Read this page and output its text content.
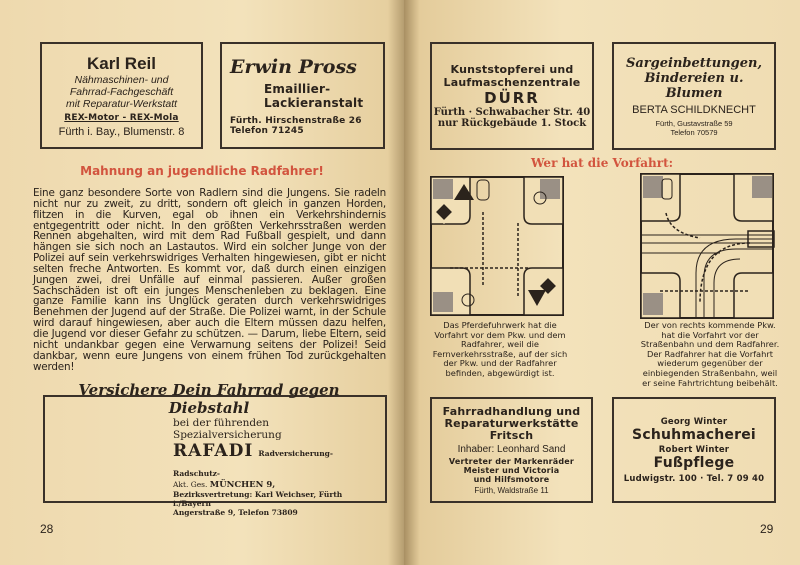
Karl Reil
Nähmaschinen- und
Fahrrad-Fachgeschäft
mit Reparatur-Werkstatt
REX-Motor - REX-Mola
Fürth i. Bay., Blumenstr. 8
Erwin Pross
Emaillier-
Lackieranstalt
Fürth. Hirschenstraße 26
Telefon 71245
Mahnung an jugendliche Radfahrer!
Eine ganz besondere Sorte von Radlern sind die Jungens. Sie radeln nicht nur zu zweit, zu dritt, sondern oft gleich in ganzen Horden, flitzen in die Kurven, egal ob ihnen ein Verkehrshindernis entgegentritt oder nicht. In den größten Verkehrsstraßen werden Rennen abgehalten, wird mit dem Rad Fußball gespielt, und dann hängen sie sich noch an Lastautos. Wird ein solcher Junge von der Polizei auf sein verkehrswidriges Verhalten hingewiesen, gibt er nicht selten freche Antworten. Es kommt vor, daß durch einen einzigen Jungen zwei, drei Unfälle auf einmal passieren. Außer großen Sachschäden ist oft ein junges Menschenleben zu beklagen. Eine ganze Familie kann ins Unglück geraten durch verkehrswidriges Benehmen der Jugend auf der Straße. Die Polizei warnt, in der Schule wird darauf hingewiesen, aber auch die Eltern müssen dazu helfen, die Jugend vor dieser Gefahr zu schützen. — Darum, liebe Eltern, seid nicht undankbar gegen eine Verwarnung seitens der Polizei! Seid dankbar, wenn eure Jungens von einem frühen Tod zurückgehalten werden!
Versichere Dein Fahrrad gegen Diebstahl
bei der führenden Spezialversicherung
RAFADI Radversicherung- Radschutz-
Akt. Ges. MÜNCHEN 9,
Bezirksvertretung: Karl Weichser, Fürth i./Bayern
Angerstraße 9, Telefon 73809
28
Kunststopferei und
Laufmaschenzentrale
DÜRR
Fürth · Schwabacher Str. 40
nur Rückgebäude 1. Stock
Sargeinbettungen,
Bindereien u. Blumen
BERTA SCHILDKNECHT
Fürth, Gustavstraße 59
Telefon 70579
Wer hat die Vorfahrt:
Das Pferdefuhrwerk hat die Vorfahrt vor dem Pkw. und dem Radfahrer, weil die Fernverkehrsstraße, auf der sich der Pkw. und der Radfahrer befinden, abgewürdigt ist.
Der von rechts kommende Pkw. hat die Vorfahrt vor der Straßenbahn und dem Radfahrer. Der Radfahrer hat die Vorfahrt wiederum gegenüber der einbiegenden Straßenbahn, weil er seine Fahrtrichtung beibehält.
Fahrradhandlung und
Reparaturwerkstätte
Fritsch
Inhaber: Leonhard Sand
Vertreter der Markenräder
Meister und Victoria
und Hilfsmotore
Fürth, Waldstraße 11
Georg Winter
Schuhmacherei
Robert Winter
Fußpflege
Ludwigstr. 100 · Tel. 7 09 40
29
